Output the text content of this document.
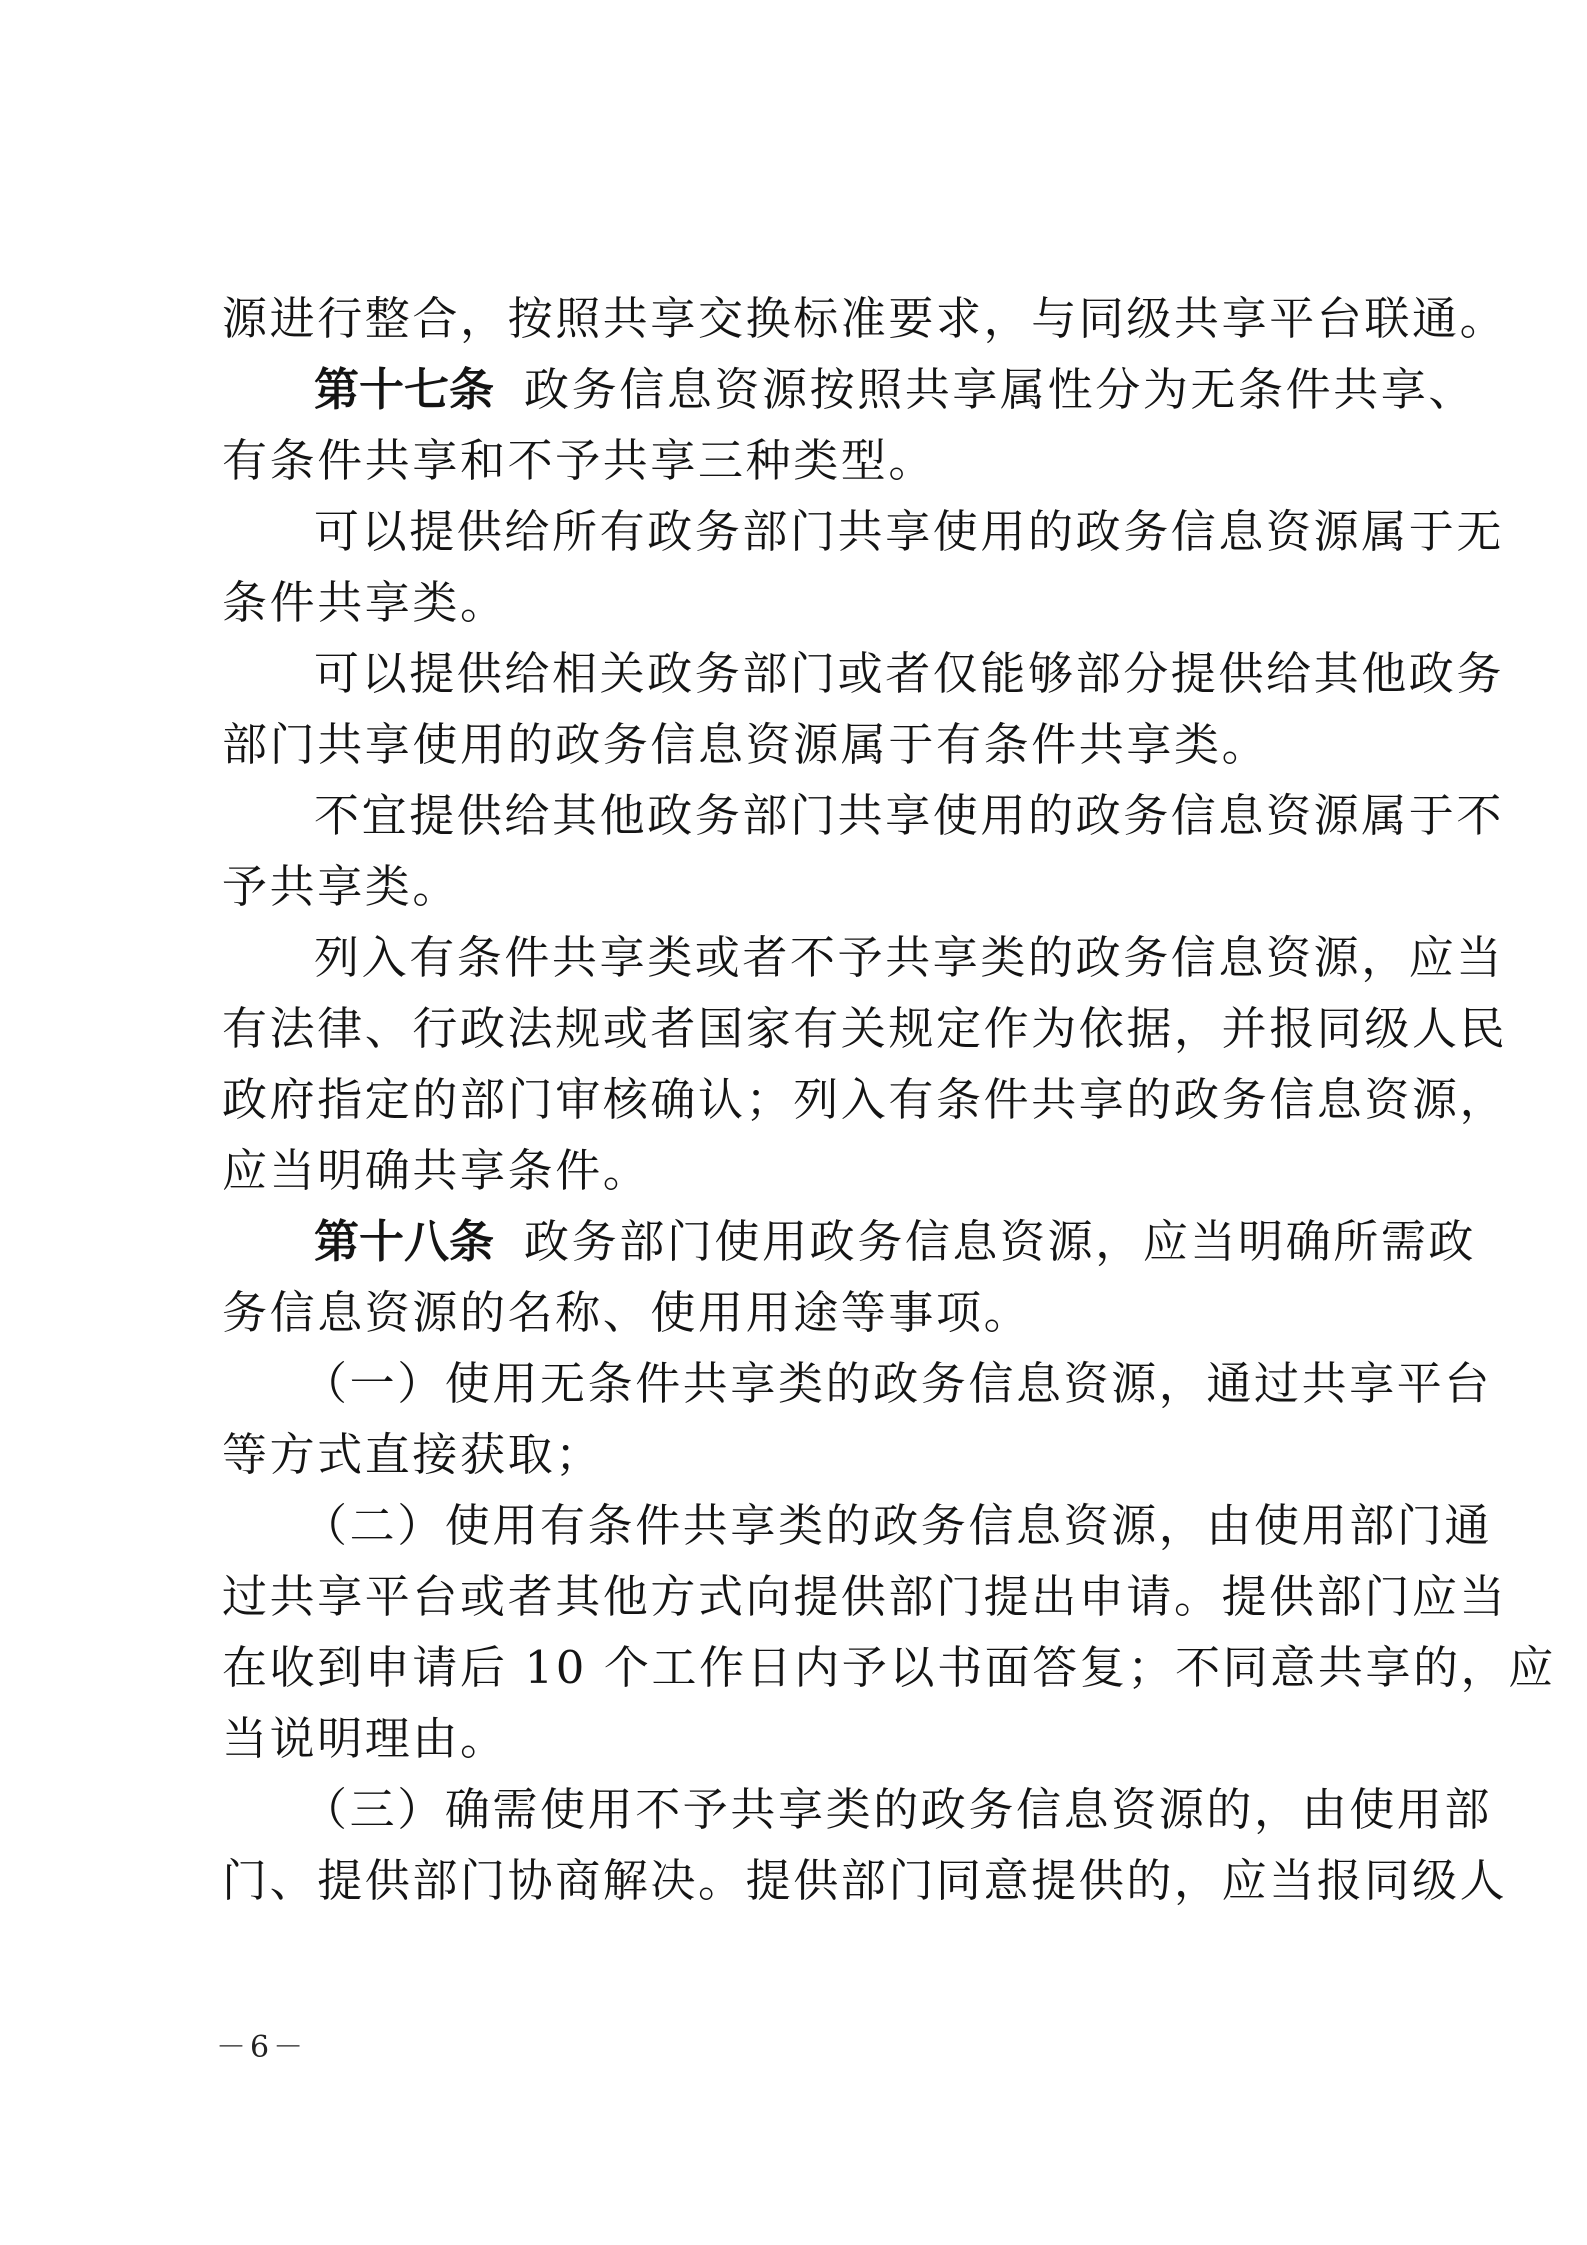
源进行整合，按照共享交换标准要求，与同级共享平台联通。
第十七条 政务信息资源按照共享属性分为无条件共享、
有条件共享和不予共享三种类型。
可以提供给所有政务部门共享使用的政务信息资源属于无
条件共享类。
可以提供给相关政务部门或者仅能够部分提供给其他政务
部门共享使用的政务信息资源属于有条件共享类。
不宜提供给其他政务部门共享使用的政务信息资源属于不
予共享类。
列入有条件共享类或者不予共享类的政务信息资源，应当
有法律、行政法规或者国家有关规定作为依据，并报同级人民
政府指定的部门审核确认；列入有条件共享的政务信息资源，
应当明确共享条件。
第十八条 政务部门使用政务信息资源，应当明确所需政
务信息资源的名称、使用用途等事项。
（一）使用无条件共享类的政务信息资源，通过共享平台
等方式直接获取；
（二）使用有条件共享类的政务信息资源，由使用部门通
过共享平台或者其他方式向提供部门提出申请。提供部门应当
在收到申请后 10 个工作日内予以书面答复；不同意共享的，应
当说明理由。
（三）确需使用不予共享类的政务信息资源的，由使用部
门、提供部门协商解决。提供部门同意提供的，应当报同级人
－6－
